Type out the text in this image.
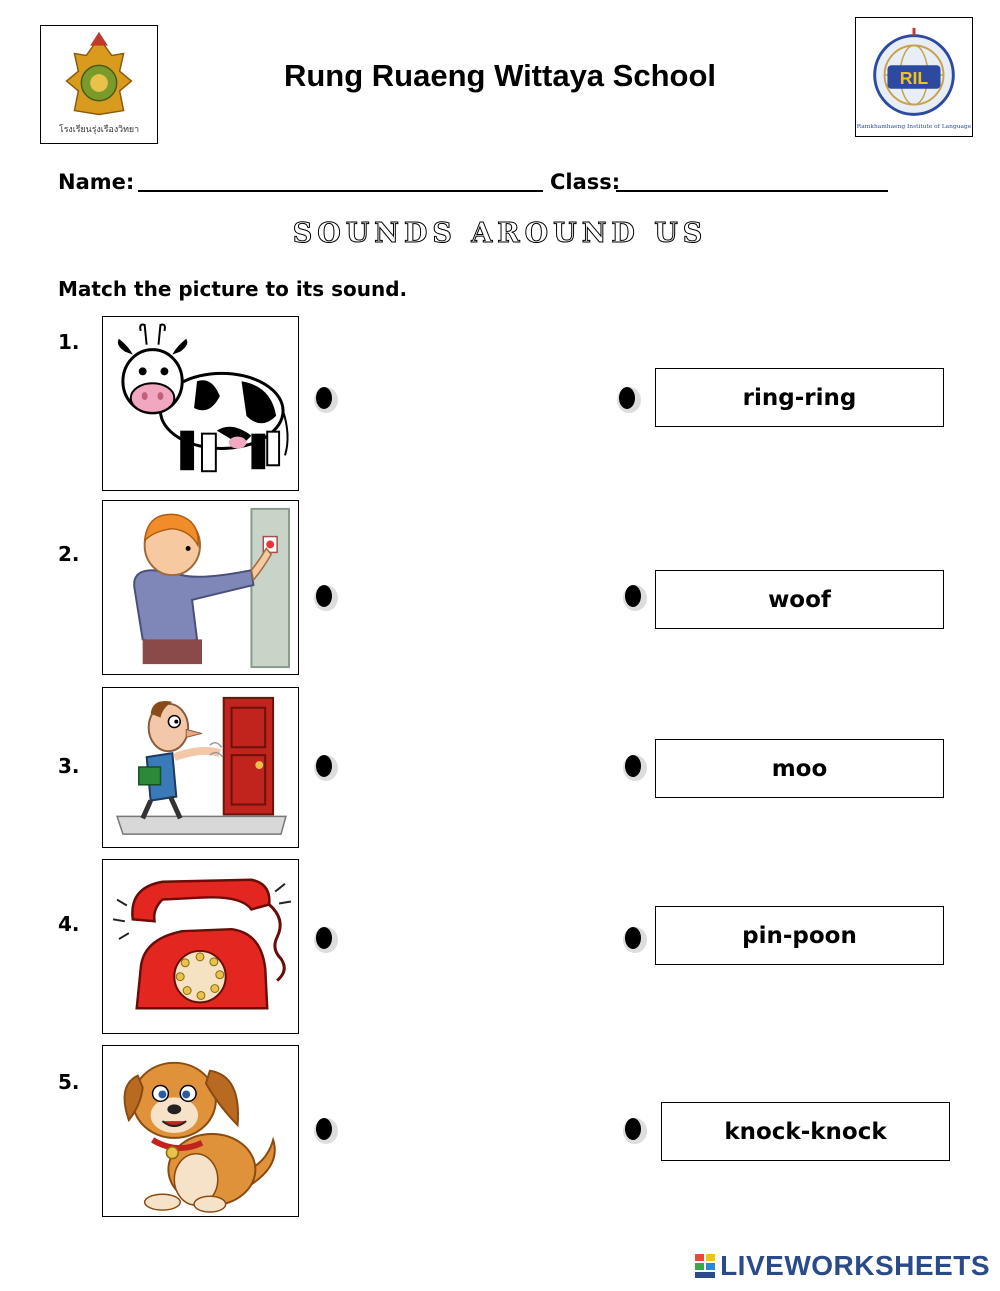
โรงเรียนรุ่งเรืองวิทยา
Rung Ruaeng Wittaya School	RIL
Ramkhamhaeng Institute of Language
Name:	Class:
SOUNDS AROUND US
Match the picture to its sound.
1.
2.
3.
4.
5.
ring-ring
woof
moo
pin-poon
knock-knock
LIVEWORKSHEETS
